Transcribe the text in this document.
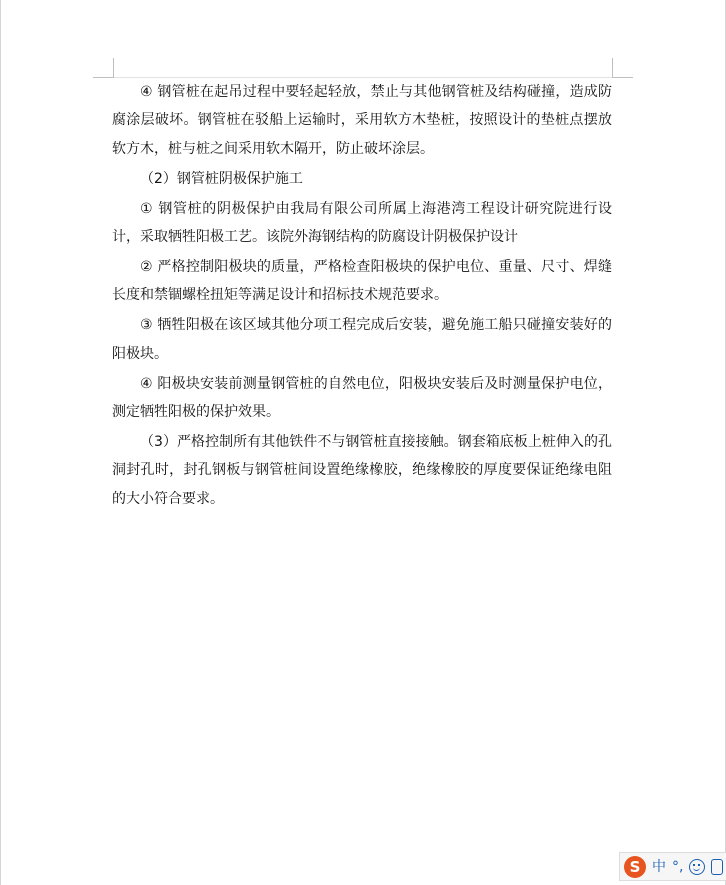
④ 钢管桩在起吊过程中要轻起轻放，禁止与其他钢管桩及结构碰撞，造成防腐涂层破坏。钢管桩在驳船上运输时，采用软方木垫桩，按照设计的垫桩点摆放软方木，桩与桩之间采用软木隔开，防止破坏涂层。

（2）钢管桩阴极保护施工

① 钢管桩的阴极保护由我局有限公司所属上海港湾工程设计研究院进行设计，采取牺牲阳极工艺。该院外海钢结构的防腐设计阴极保护设计

② 严格控制阳极块的质量，严格检查阳极块的保护电位、重量、尺寸、焊缝长度和禁锢螺栓扭矩等满足设计和招标技术规范要求。

③ 牺牲阳极在该区域其他分项工程完成后安装，避免施工船只碰撞安装好的阳极块。

④ 阳极块安装前测量钢管桩的自然电位，阳极块安装后及时测量保护电位，测定牺牲阳极的保护效果。

（3）严格控制所有其他铁件不与钢管桩直接接触。钢套箱底板上桩伸入的孔洞封孔时，封孔钢板与钢管桩间设置绝缘橡胶，绝缘橡胶的厚度要保证绝缘电阻的大小符合要求。

S 中 °,
